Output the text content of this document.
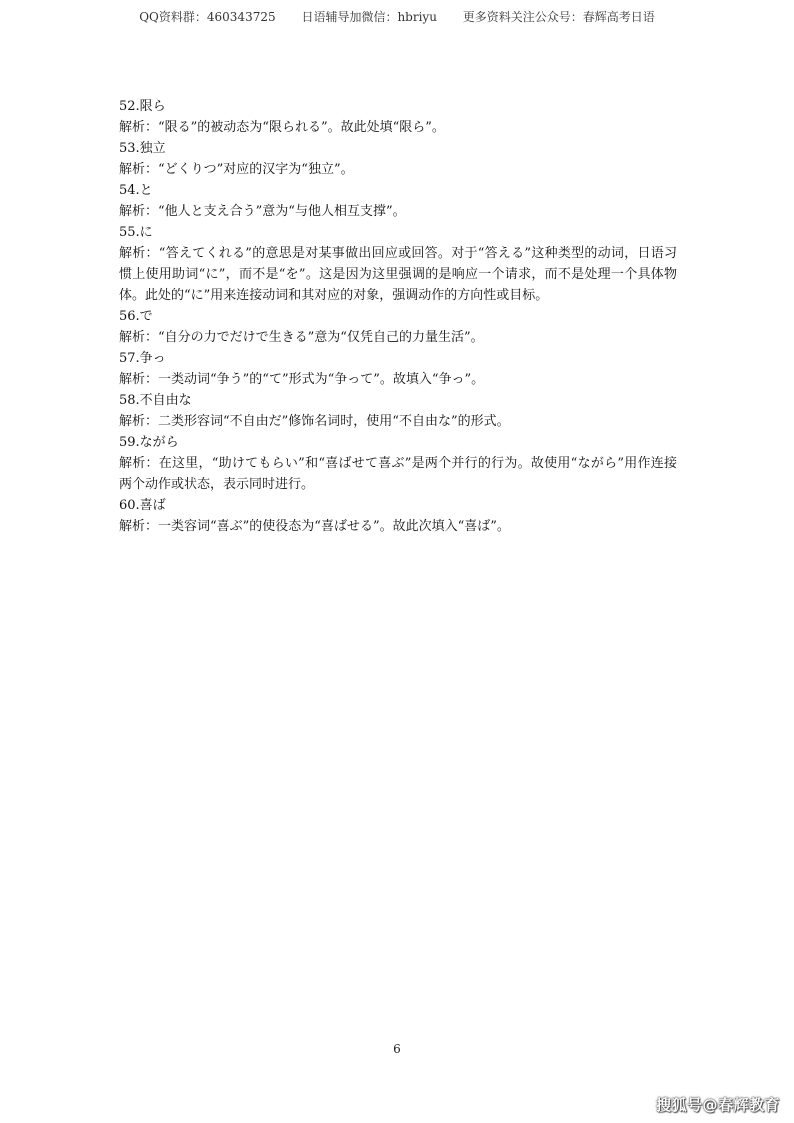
QQ资料群：460343725 日语辅导加微信：hbriyu 更多资料关注公众号：春辉高考日语
52.限ら
解析：“限る”的被动态为“限られる”。故此处填“限ら”。
53.独立
解析：“どくりつ”对应的汉字为“独立”。
54.と
解析：“他人と支え合う”意为“与他人相互支撑”。
55.に
解析：“答えてくれる”的意思是对某事做出回应或回答。对于“答える”这种类型的动词，日语习惯上使用助词“に”，而不是“を”。这是因为这里强调的是响应一个请求，而不是处理一个具体物体。此处的“に”用来连接动词和其对应的对象，强调动作的方向性或目标。
56.で
解析：“自分の力でだけで生きる”意为“仅凭自己的力量生活”。
57.争っ
解析：一类动词“争う”的“て”形式为“争って”。故填入“争っ”。
58.不自由な
解析：二类形容词“不自由だ”修饰名词时，使用“不自由な”的形式。
59.ながら
解析：在这里，“助けてもらい”和“喜ばせて喜ぶ”是两个并行的行为。故使用“ながら”用作连接两个动作或状态，表示同时进行。
60.喜ば
解析：一类容词“喜ぶ”的使役态为“喜ばせる”。故此次填入“喜ば”。
6
搜狐号@春辉教育
